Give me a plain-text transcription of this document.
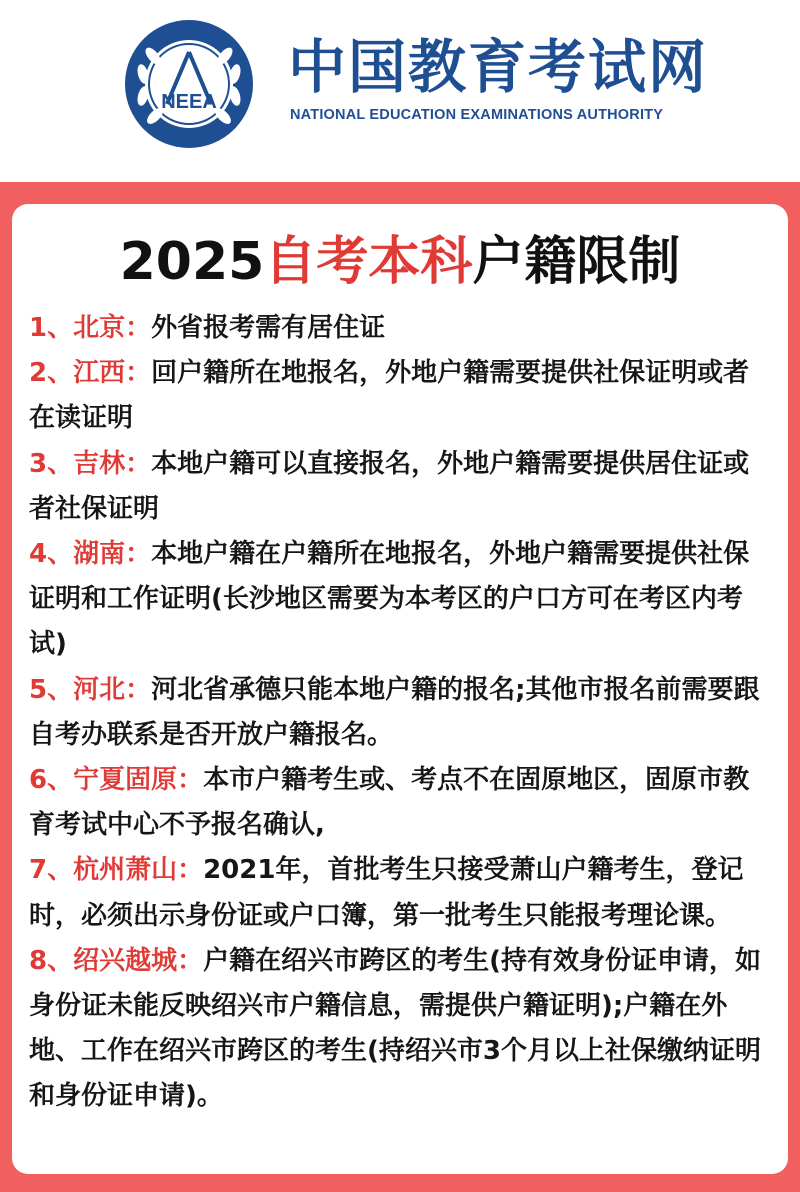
NEEA
中国教育考试网
NATIONAL EDUCATION EXAMINATIONS AUTHORITY
2025自考本科户籍限制

1、北京：外省报考需有居住证

2、江西：回户籍所在地报名，外地户籍需要提供社保证明或者在读证明

3、吉林：本地户籍可以直接报名，外地户籍需要提供居住证或者社保证明

4、湖南：本地户籍在户籍所在地报名，外地户籍需要提供社保证明和工作证明(长沙地区需要为本考区的户口方可在考区内考试)

5、河北：河北省承德只能本地户籍的报名;其他市报名前需要跟自考办联系是否开放户籍报名。

6、宁夏固原：本市户籍考生或、考点不在固原地区，固原市教育考试中心不予报名确认,

7、杭州萧山：2021年，首批考生只接受萧山户籍考生，登记时，必须出示身份证或户口簿，第一批考生只能报考理论课。

8、绍兴越城：户籍在绍兴市跨区的考生(持有效身份证申请，如身份证未能反映绍兴市户籍信息，需提供户籍证明);户籍在外地、工作在绍兴市跨区的考生(持绍兴市3个月以上社保缴纳证明和身份证申请)。
